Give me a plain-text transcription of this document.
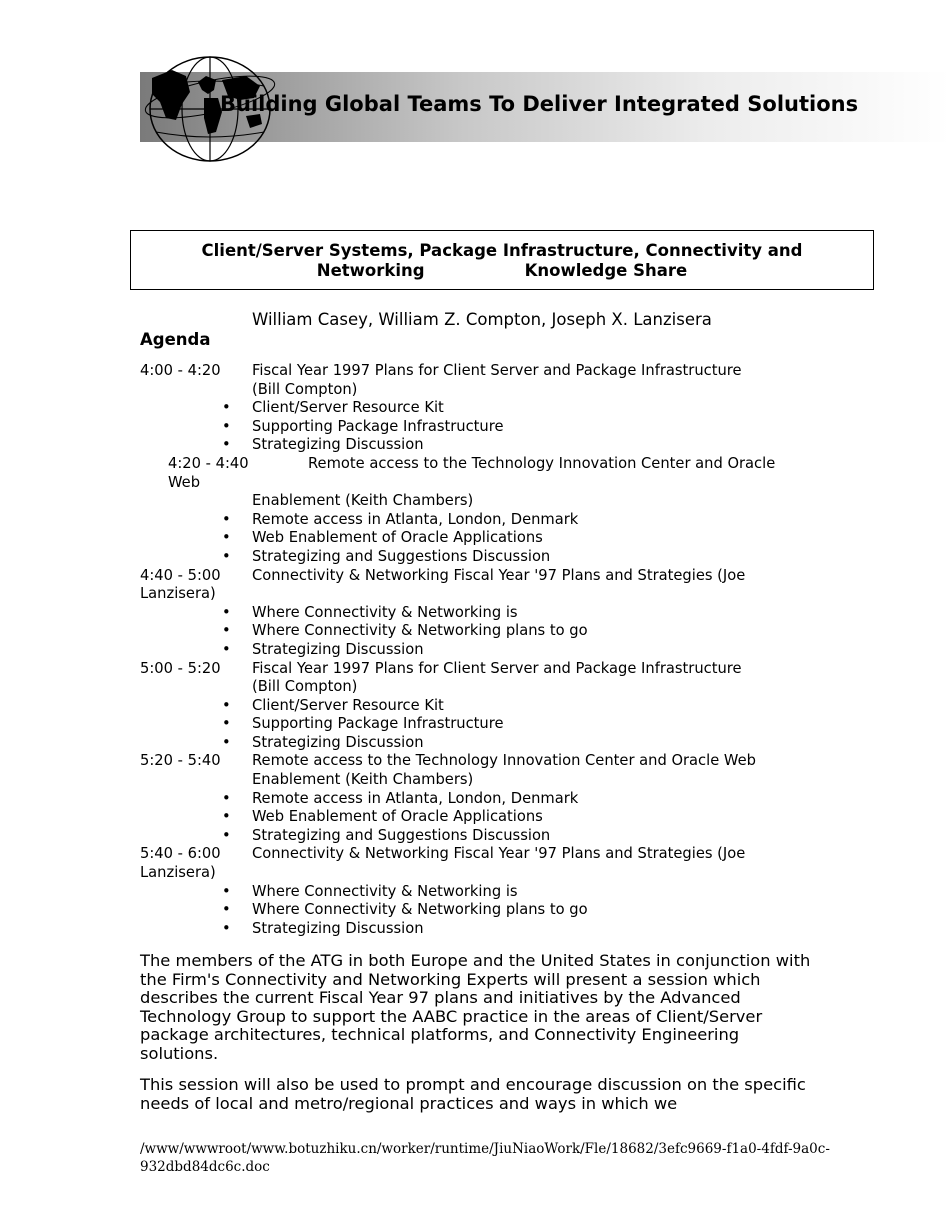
Building Global Teams To Deliver Integrated Solutions
Client/Server Systems, Package Infrastructure, Connectivity and
Networking	Knowledge Share
William Casey, William Z. Compton, Joseph X. Lanzisera
Agenda
4:00 - 4:20	Fiscal Year 1997 Plans for Client Server and Package Infrastructure
(Bill Compton)
• Client/Server Resource Kit
• Supporting Package Infrastructure
• Strategizing Discussion
4:20 - 4:40	Remote access to the Technology Innovation Center and Oracle
Web
Enablement (Keith Chambers)
• Remote access in Atlanta, London, Denmark
• Web Enablement of Oracle Applications
• Strategizing and Suggestions Discussion
4:40 - 5:00	Connectivity & Networking Fiscal Year '97 Plans and Strategies (Joe
Lanzisera)
• Where Connectivity & Networking is
• Where Connectivity & Networking plans to go
• Strategizing Discussion
5:00 - 5:20	Fiscal Year 1997 Plans for Client Server and Package Infrastructure
(Bill Compton)
• Client/Server Resource Kit
• Supporting Package Infrastructure
• Strategizing Discussion
5:20 - 5:40	Remote access to the Technology Innovation Center and Oracle Web
Enablement (Keith Chambers)
• Remote access in Atlanta, London, Denmark
• Web Enablement of Oracle Applications
• Strategizing and Suggestions Discussion
5:40 - 6:00	Connectivity & Networking Fiscal Year '97 Plans and Strategies (Joe
Lanzisera)
• Where Connectivity & Networking is
• Where Connectivity & Networking plans to go
• Strategizing Discussion
The members of the ATG in both Europe and the United States in conjunction with the Firm's Connectivity and Networking Experts will present a session which describes the current Fiscal Year 97 plans and initiatives by the Advanced Technology Group to support the AABC practice in the areas of Client/Server package architectures, technical platforms, and Connectivity Engineering solutions.
This session will also be used to prompt and encourage discussion on the specific needs of local and metro/regional practices and ways in which we
/www/wwwroot/www.botuzhiku.cn/worker/runtime/JiuNiaoWork/Fle/18682/3efc9669-f1a0-4fdf-9a0c-932dbd84dc6c.doc
